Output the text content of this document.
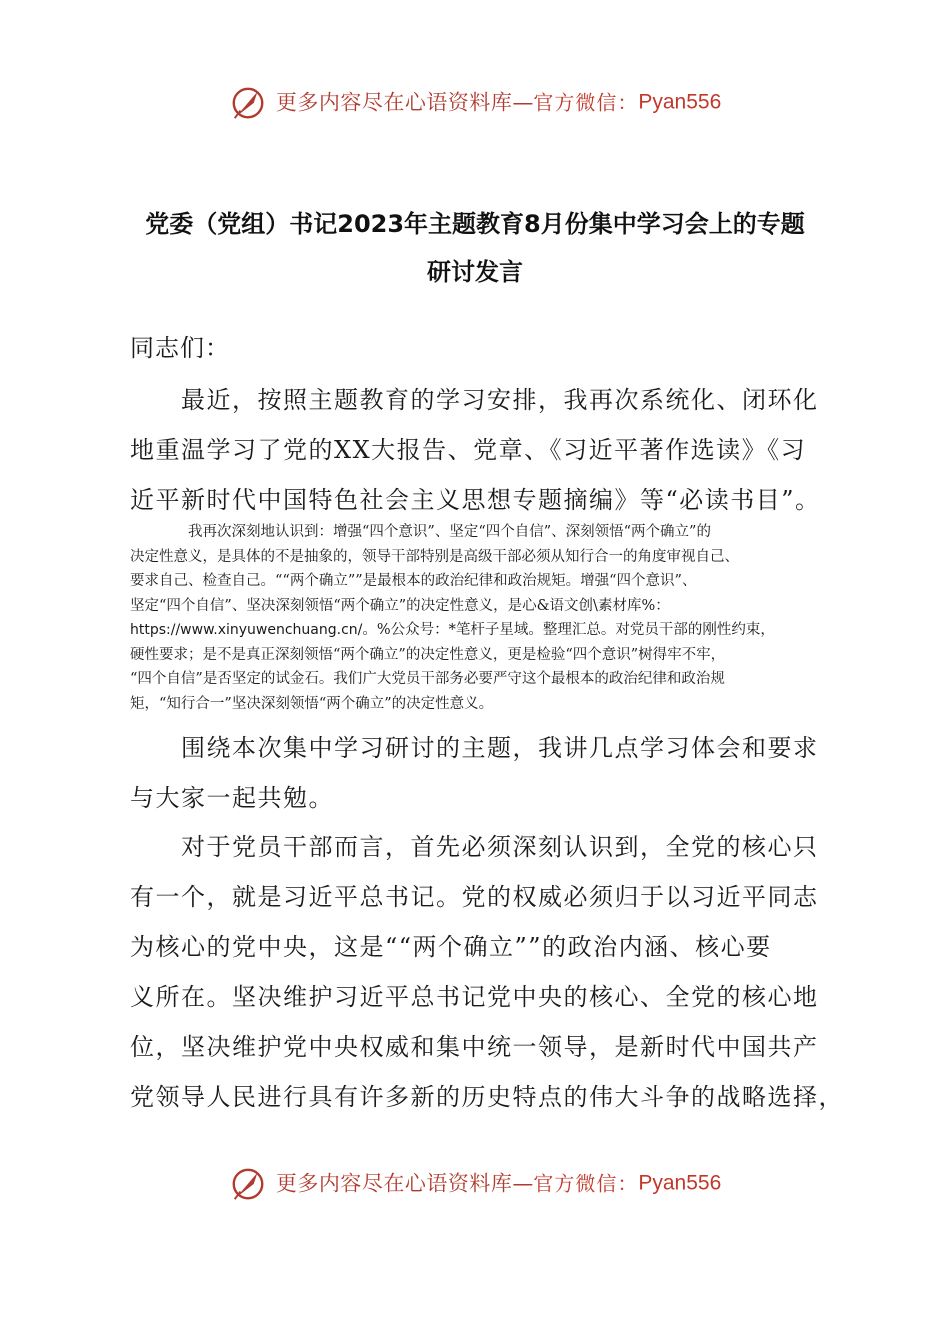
更多内容尽在心语资料库—官方微信：Pyan556
党委（党组）书记2023年主题教育8月份集中学习会上的专题
研讨发言
同志们：
　　最近，按照主题教育的学习安排，我再次系统化、闭环化
地重温学习了党的XX大报告、党章、《习近平著作选读》《习
近平新时代中国特色社会主义思想专题摘编》等“必读书目”。
　　　　我再次深刻地认识到：增强“四个意识”、坚定“四个自信”、深刻领悟“两个确立”的
决定性意义，是具体的不是抽象的，领导干部特别是高级干部必须从知行合一的角度审视自己、
要求自己、检查自己。““两个确立””是最根本的政治纪律和政治规矩。增强“四个意识”、
坚定“四个自信”、坚决深刻领悟“两个确立”的决定性意义，是心&语文创\素材库%：
https://www.xinyuwenchuang.cn/。%公众号：*笔杆子星域。整理汇总。对党员干部的刚性约束，
硬性要求；是不是真正深刻领悟“两个确立”的决定性意义，更是检验“四个意识”树得牢不牢，
“四个自信”是否坚定的试金石。我们广大党员干部务必要严守这个最根本的政治纪律和政治规
矩，“知行合一”坚决深刻领悟“两个确立”的决定性意义。
　　围绕本次集中学习研讨的主题，我讲几点学习体会和要求
与大家一起共勉。
　　对于党员干部而言，首先必须深刻认识到，全党的核心只
有一个，就是习近平总书记。党的权威必须归于以习近平同志
为核心的党中央，这是““两个确立””的政治内涵、核心要
义所在。坚决维护习近平总书记党中央的核心、全党的核心地
位，坚决维护党中央权威和集中统一领导，是新时代中国共产
党领导人民进行具有许多新的历史特点的伟大斗争的战略选择，
更多内容尽在心语资料库—官方微信：Pyan556
